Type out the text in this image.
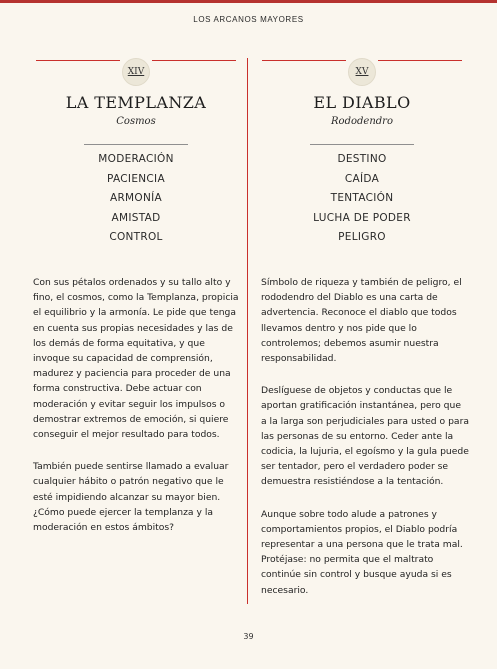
LOS ARCANOS MAYORES
XIV
LA TEMPLANZA
Cosmos
MODERACIÓN
PACIENCIA
ARMONÍA
AMISTAD
CONTROL
XV
EL DIABLO
Rododendro
DESTINO
CAÍDA
TENTACIÓN
LUCHA DE PODER
PELIGRO

Con sus pétalos ordenados y su tallo alto y fino, el cosmos, como la Templanza, propicia el equilibrio y la armonía. Le pide que tenga en cuenta sus propias necesidades y las de los demás de forma equitativa, y que invoque su capacidad de comprensión, madurez y paciencia para proceder de una forma constructiva. Debe actuar con moderación y evitar seguir los impulsos o demostrar extremos de emoción, si quiere conseguir el mejor resultado para todos.

También puede sentirse llamado a evaluar cualquier hábito o patrón negativo que le esté impidiendo alcanzar su mayor bien. ¿Cómo puede ejercer la templanza y la moderación en estos ámbitos?

Símbolo de riqueza y también de peligro, el rododendro del Diablo es una carta de advertencia. Reconoce el diablo que todos llevamos dentro y nos pide que lo controlemos; debemos asumir nuestra responsabilidad.

Deslíguese de objetos y conductas que le aportan gratificación instantánea, pero que a la larga son perjudiciales para usted o para las personas de su entorno. Ceder ante la codicia, la lujuria, el egoísmo y la gula puede ser tentador, pero el verdadero poder se demuestra resistiéndose a la tentación.

Aunque sobre todo alude a patrones y comportamientos propios, el Diablo podría representar a una persona que le trata mal. Protéjase: no permita que el maltrato continúe sin control y busque ayuda si es necesario.

39
